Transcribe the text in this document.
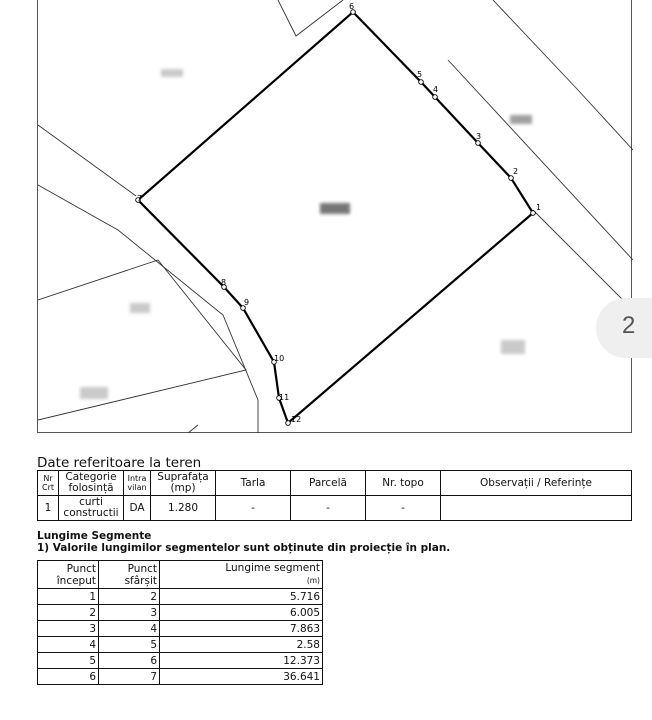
1
2
3
4
5
6
7
8
9
10
11
12
2
Date referitoare la teren
Nr Crt	Categorie folosință	Intra vilan	Suprafața (mp)	Tarla	Parcelă	Nr. topo	Observații / Referințe
1	curti constructii	DA	1.280	-	-	-	
Lungime Segmente
1) Valorile lungimilor segmentelor sunt obținute din proiecție în plan.
Punct început	Punct sfârșit	Lungime segment
(m)
1	2	5.716
2	3	6.005
3	4	7.863
4	5	2.58
5	6	12.373
6	7	36.641
